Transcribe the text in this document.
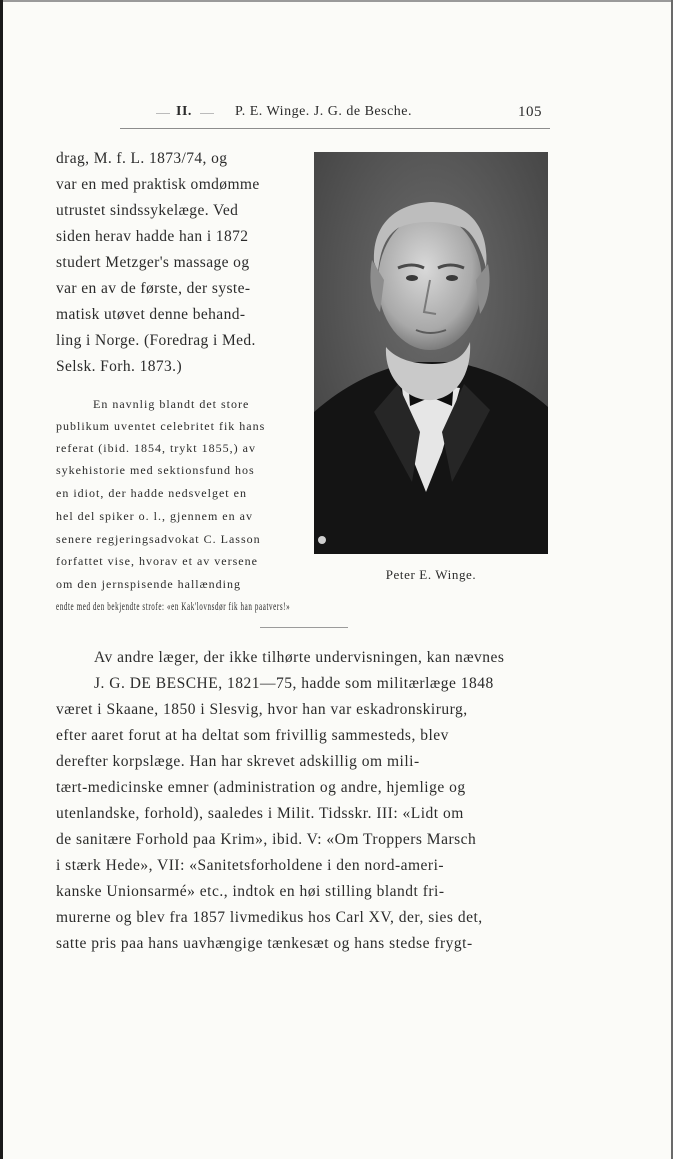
II.	P. E. Winge. J. G. de Besche.	105
Peter E. Winge.
drag, M. f. L. 1873/74, og
var en med praktisk omdømme
utrustet sindssykelæge. Ved
siden herav hadde han i 1872
studert Metzger's massage og
var en av de første, der syste-
matisk utøvet denne behand-
ling i Norge. (Foredrag i Med.
Selsk. Forh. 1873.)
En navnlig blandt det store
publikum uventet celebritet fik hans
referat (ibid. 1854, trykt 1855,) av
sykehistorie med sektionsfund hos
en idiot, der hadde nedsvelget en
hel del spiker o. l., gjennem en av
senere regjeringsadvokat C. Lasson
forfattet vise, hvorav et av versene
om den jernspisende hallænding
endte med den bekjendte strofe: «en Kak'lovnsdør fik han paatvers!»
Av andre læger, der ikke tilhørte undervisningen, kan nævnes
J. G. DE BESCHE, 1821—75, hadde som militærlæge 1848
været i Skaane, 1850 i Slesvig, hvor han var eskadronskirurg,
efter aaret forut at ha deltat som frivillig sammesteds, blev
derefter korpslæge. Han har skrevet adskillig om mili-
tært-medicinske emner (administration og andre, hjemlige og
utenlandske, forhold), saaledes i Milit. Tidsskr. III: «Lidt om
de sanitære Forhold paa Krim», ibid. V: «Om Troppers Marsch
i stærk Hede», VII: «Sanitetsforholdene i den nord-ameri-
kanske Unionsarmé» etc., indtok en høi stilling blandt fri-
murerne og blev fra 1857 livmedikus hos Carl XV, der, sies det,
satte pris paa hans uavhængige tænkesæt og hans stedse frygt-
